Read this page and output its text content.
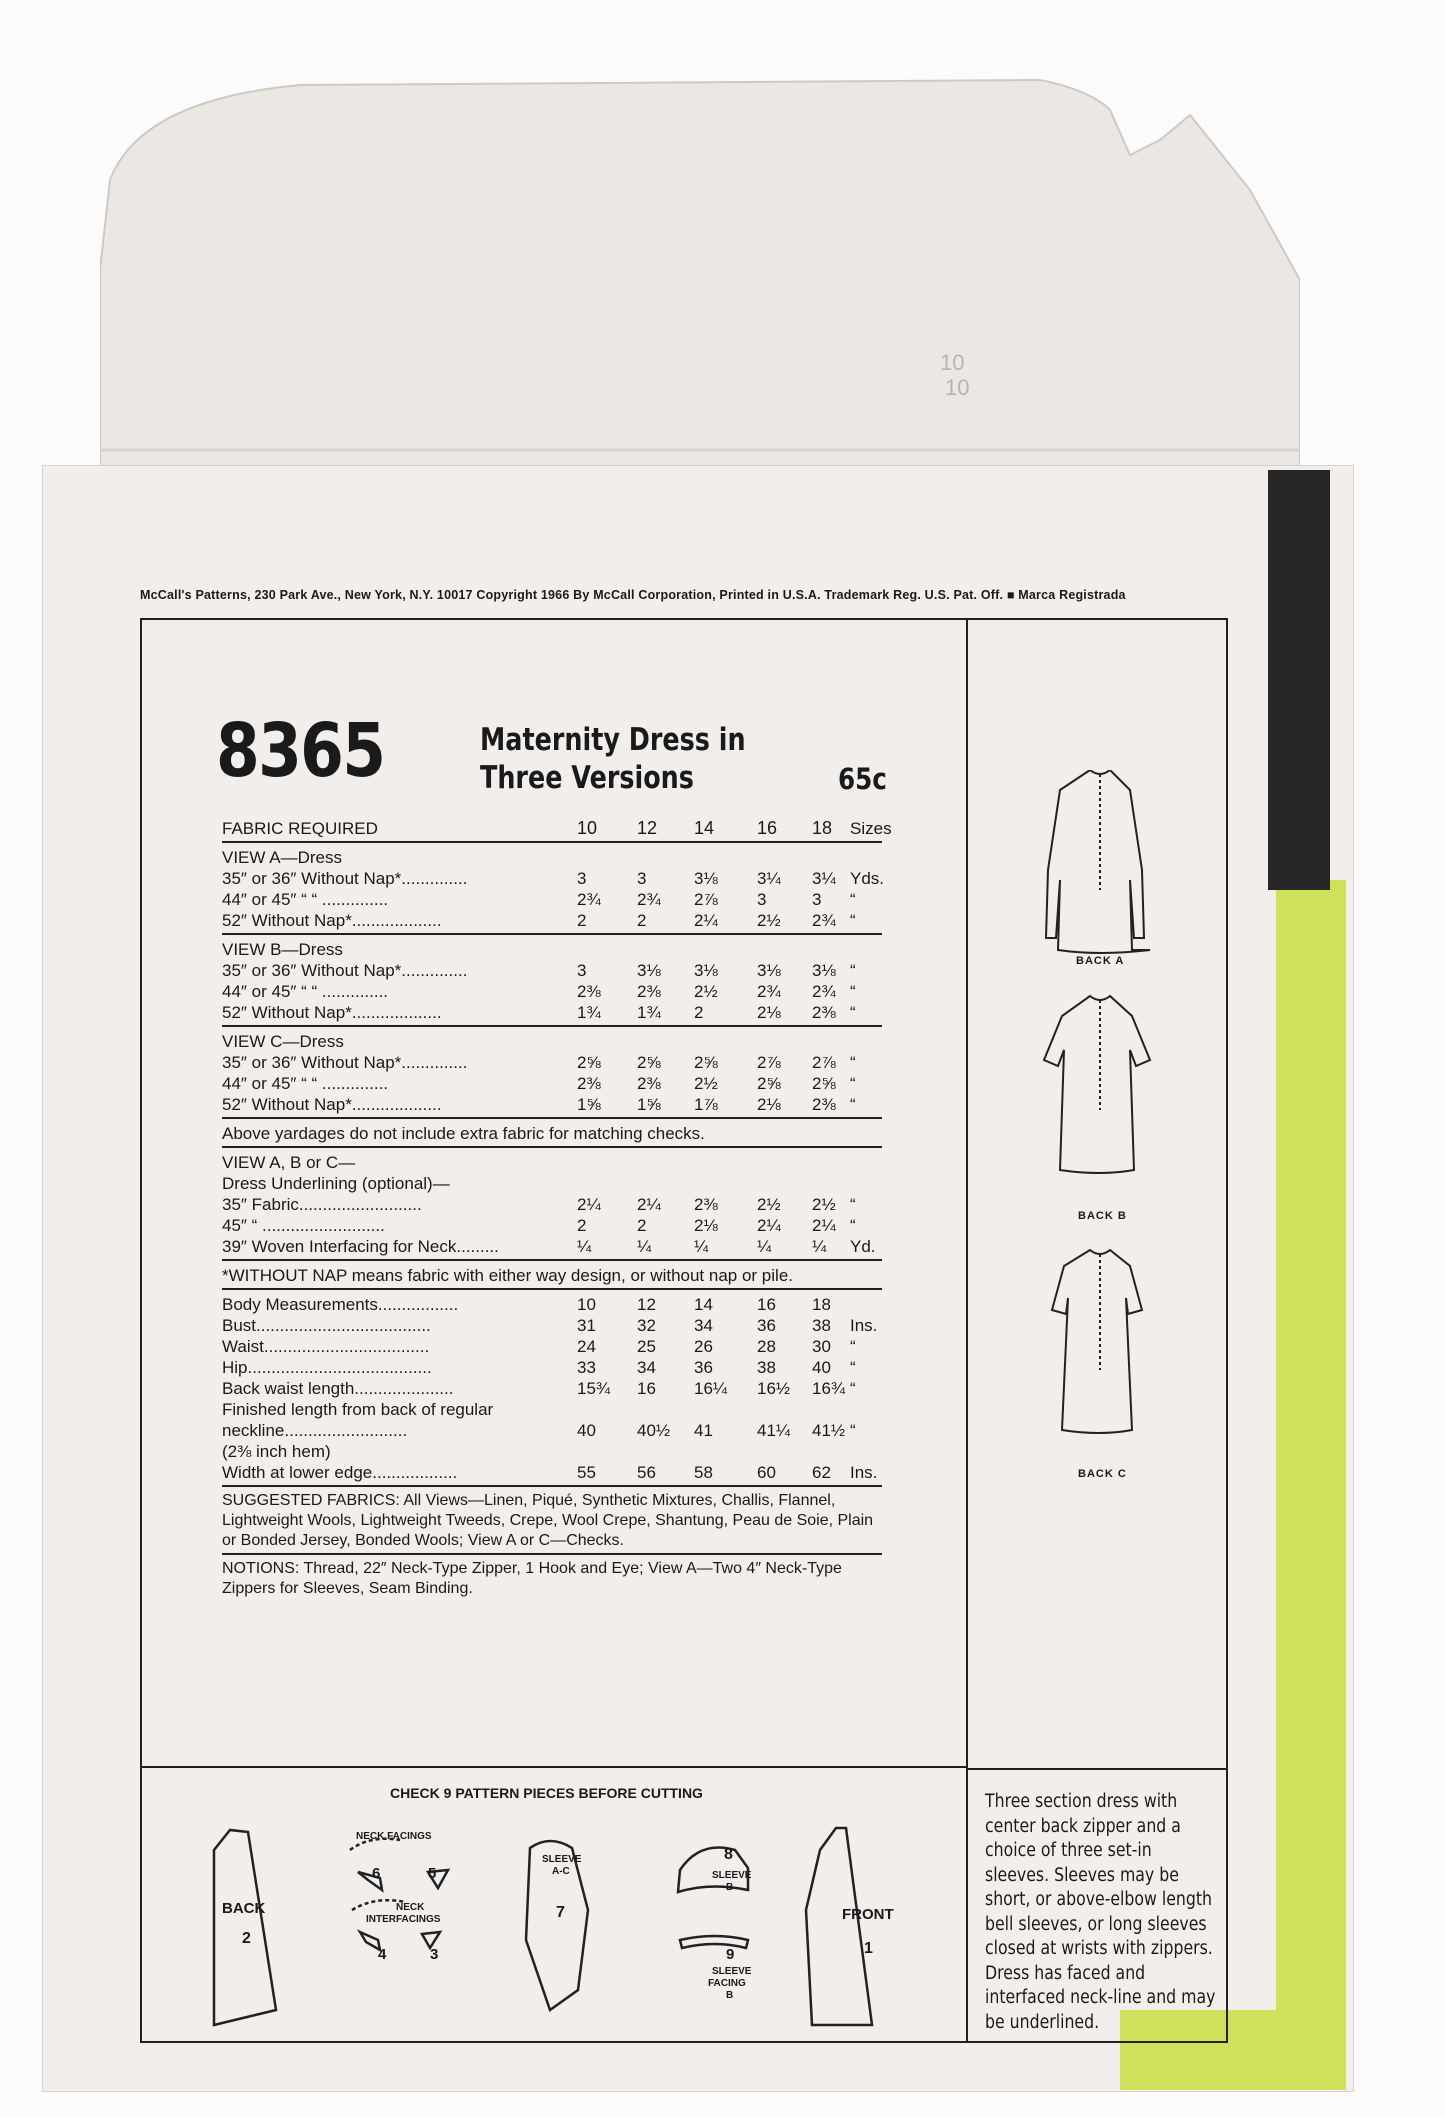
10
10
McCall's Patterns, 230 Park Ave., New York, N.Y. 10017 Copyright 1966 By McCall Corporation, Printed in U.S.A. Trademark Reg. U.S. Pat. Off. ■ Marca Registrada
8365	Maternity Dress in
Three Versions	65c
FABRIC REQUIRED	10 12 14 16 18 Sizes
VIEW A—Dress
35″ or 36″ Without Nap*..............	3	3	3⅛ 3¼ 3¼ Yds.
44″ or 45″ “ “ ..............	2¾ 2¾ 2⅞ 3	3 “
52″ Without Nap*...................	2	2	2¼ 2½ 2¾ “
VIEW B—Dress
35″ or 36″ Without Nap*..............	3	3⅛ 3⅛ 3⅛ 3⅛ “
44″ or 45″ “ “ ..............	2⅜ 2⅜ 2½ 2¾ 2¾ “
52″ Without Nap*...................	1¾ 1¾ 2	2⅛ 2⅜ “
VIEW C—Dress
35″ or 36″ Without Nap*..............	2⅝ 2⅝ 2⅝ 2⅞ 2⅞ “
44″ or 45″ “ “ ..............	2⅜ 2⅜ 2½ 2⅝ 2⅝ “
52″ Without Nap*...................	1⅝ 1⅝ 1⅞ 2⅛ 2⅜ “
Above yardages do not include extra fabric for matching checks.
VIEW A, B or C—
Dress Underlining (optional)—
35″ Fabric..........................	2¼ 2¼ 2⅜ 2½ 2½ “
45″ “ ..........................	2	2	2⅛ 2¼ 2¼ “
39″ Woven Interfacing for Neck.........	¼	¼	¼	¼ ¼ Yd.
*WITHOUT NAP means fabric with either way design, or without nap or pile.
Body Measurements.................	10 12 14	16 18
Bust.....................................	31 32 34	36 38 Ins.
Waist...................................	24 25 26	28 30 “
Hip.......................................	33 34 36	38 40 “
Back waist length.....................	15¾ 16 16¼ 16½ 16¾ “
Finished length from back of regular
neckline..........................	40 40½ 41	41¼ 41½ “
(2⅜ inch hem)
Width at lower edge..................	55 56 58	60 62 Ins.
SUGGESTED FABRICS: All Views—Linen, Piqué, Synthetic Mixtures, Challis, Flannel, Lightweight Wools, Lightweight Tweeds, Crepe, Wool Crepe, Shantung, Peau de Soie, Plain or Bonded Jersey, Bonded Wools; View A or C—Checks.
NOTIONS: Thread, 22″ Neck-Type Zipper, 1 Hook and Eye; View A—Two 4″ Neck-Type Zippers for Sleeves, Seam Binding.
BACK A
BACK B
BACK C
CHECK 9 PATTERN PIECES BEFORE CUTTING
BACK
2
NECK FACINGS
6	5
NECK
INTERFACINGS
4	3
SLEEVE
A-C
7
8
SLEEVE
B
9
SLEEVE
FACING
B
FRONT
1
Three section dress with center back zipper and a choice of three set-in sleeves. Sleeves may be short, or above-elbow length bell sleeves, or long sleeves closed at wrists with zippers. Dress has faced and interfaced neck-line and may be underlined.
